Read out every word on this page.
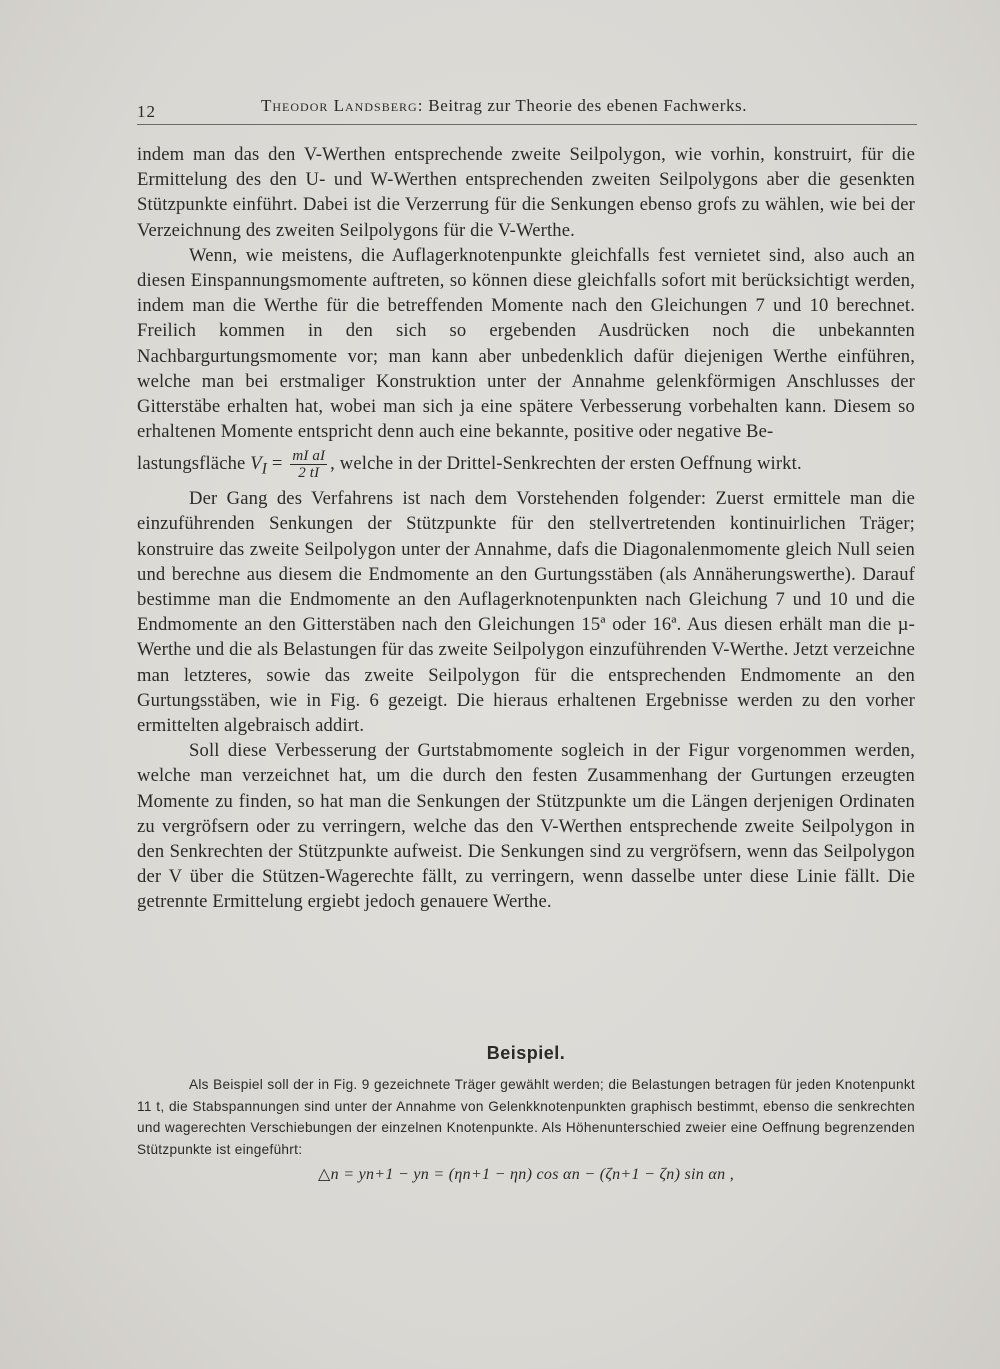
12	Theodor Landsberg: Beitrag zur Theorie des ebenen Fachwerks.

indem man das den V-Werthen entsprechende zweite Seilpolygon, wie vorhin, konstruirt, für die Ermittelung des den U- und W-Werthen entsprechenden zweiten Seilpolygons aber die gesenkten Stützpunkte einführt. Dabei ist die Verzerrung für die Senkungen ebenso grofs zu wählen, wie bei der Verzeichnung des zweiten Seilpolygons für die V-Werthe.

Wenn, wie meistens, die Auflagerknotenpunkte gleichfalls fest vernietet sind, also auch an diesen Einspannungsmomente auftreten, so können diese gleichfalls sofort mit berücksichtigt werden, indem man die Werthe für die betreffenden Momente nach den Gleichungen 7 und 10 berechnet. Freilich kommen in den sich so ergebenden Ausdrücken noch die unbekannten Nachbargurtungsmomente vor; man kann aber unbedenklich dafür diejenigen Werthe einführen, welche man bei erstmaliger Konstruktion unter der Annahme gelenkförmigen Anschlusses der Gitterstäbe erhalten hat, wobei man sich ja eine spätere Verbesserung vorbehalten kann. Diesem so erhaltenen Momente entspricht denn auch eine bekannte, positive oder negative Be-

lastungsfläche $V_I = \frac{\text{mI aI}}{2 tI}$ , welche in der Drittel-Senkrechten der ersten Oeffnung wirkt.

Der Gang des Verfahrens ist nach dem Vorstehenden folgender: Zuerst ermittele man die einzuführenden Senkungen der Stützpunkte für den stellvertretenden kontinuirlichen Träger; konstruire das zweite Seilpolygon unter der Annahme, dafs die Diagonalenmomente gleich Null seien und berechne aus diesem die Endmomente an den Gurtungsstäben (als Annäherungswerthe). Darauf bestimme man die Endmomente an den Auflagerknotenpunkten nach Gleichung 7 und 10 und die Endmomente an den Gitterstäben nach den Gleichungen 15ª oder 16ª. Aus diesen erhält man die µ-Werthe und die als Belastungen für das zweite Seilpolygon einzuführenden V-Werthe. Jetzt verzeichne man letzteres, sowie das zweite Seilpolygon für die entsprechenden Endmomente an den Gurtungsstäben, wie in Fig. 6 gezeigt. Die hieraus erhaltenen Ergebnisse werden zu den vorher ermittelten algebraisch addirt.

Soll diese Verbesserung der Gurtstabmomente sogleich in der Figur vorgenommen werden, welche man verzeichnet hat, um die durch den festen Zusammenhang der Gurtungen erzeugten Momente zu finden, so hat man die Senkungen der Stützpunkte um die Längen derjenigen Ordinaten zu vergröfsern oder zu verringern, welche das den V-Werthen entsprechende zweite Seilpolygon in den Senkrechten der Stützpunkte aufweist. Die Senkungen sind zu vergröfsern, wenn das Seilpolygon der V über die Stützen-Wagerechte fällt, zu verringern, wenn dasselbe unter diese Linie fällt. Die getrennte Ermittelung ergiebt jedoch genauere Werthe.

Beispiel.

Als Beispiel soll der in Fig. 9 gezeichnete Träger gewählt werden; die Belastungen betragen für jeden Knotenpunkt 11 t, die Stabspannungen sind unter der Annahme von Gelenkknotenpunkten graphisch bestimmt, ebenso die senkrechten und wagerechten Verschiebungen der einzelnen Knotenpunkte. Als Höhenunterschied zweier eine Oeffnung begrenzenden Stützpunkte ist eingeführt:

△n = yn+1 − yn = (ηn+1 − ηn) cos αn − (ζn+1 − ζn) sin αn ,
